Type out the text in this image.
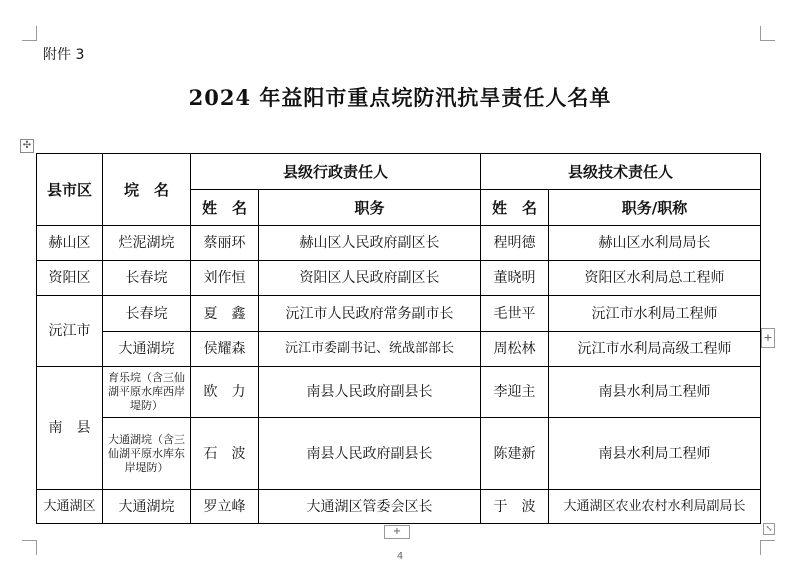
附件 3
2024 年益阳市重点垸防汛抗旱责任人名单
✣
县市区	垸　名	县级行政责任人		县级技术责任人	
		姓　名	职务	姓　名	职务/职称
赫山区	烂泥湖垸	蔡丽环	赫山区人民政府副区长	程明德	赫山区水利局局长
资阳区	长春垸	刘作恒	资阳区人民政府副区长	董晓明	资阳区水利局总工程师
沅江市	长春垸	夏　鑫	沅江市人民政府常务副市长	毛世平	沅江市水利局工程师
	大通湖垸	侯耀森	沅江市委副书记、统战部部长	周松林	沅江市水利局高级工程师
南　县	育乐垸（含三仙湖平原水库西岸堤防）	欧　力	南县人民政府副县长	李迎主	南县水利局工程师
	大通湖垸（含三仙湖平原水库东岸堤防）	石　波	南县人民政府副县长	陈建新	南县水利局工程师
大通湖区	大通湖垸	罗立峰	大通湖区管委会区长	于　波	大通湖区农业农村水利局副局长
+
+	⤡
4
